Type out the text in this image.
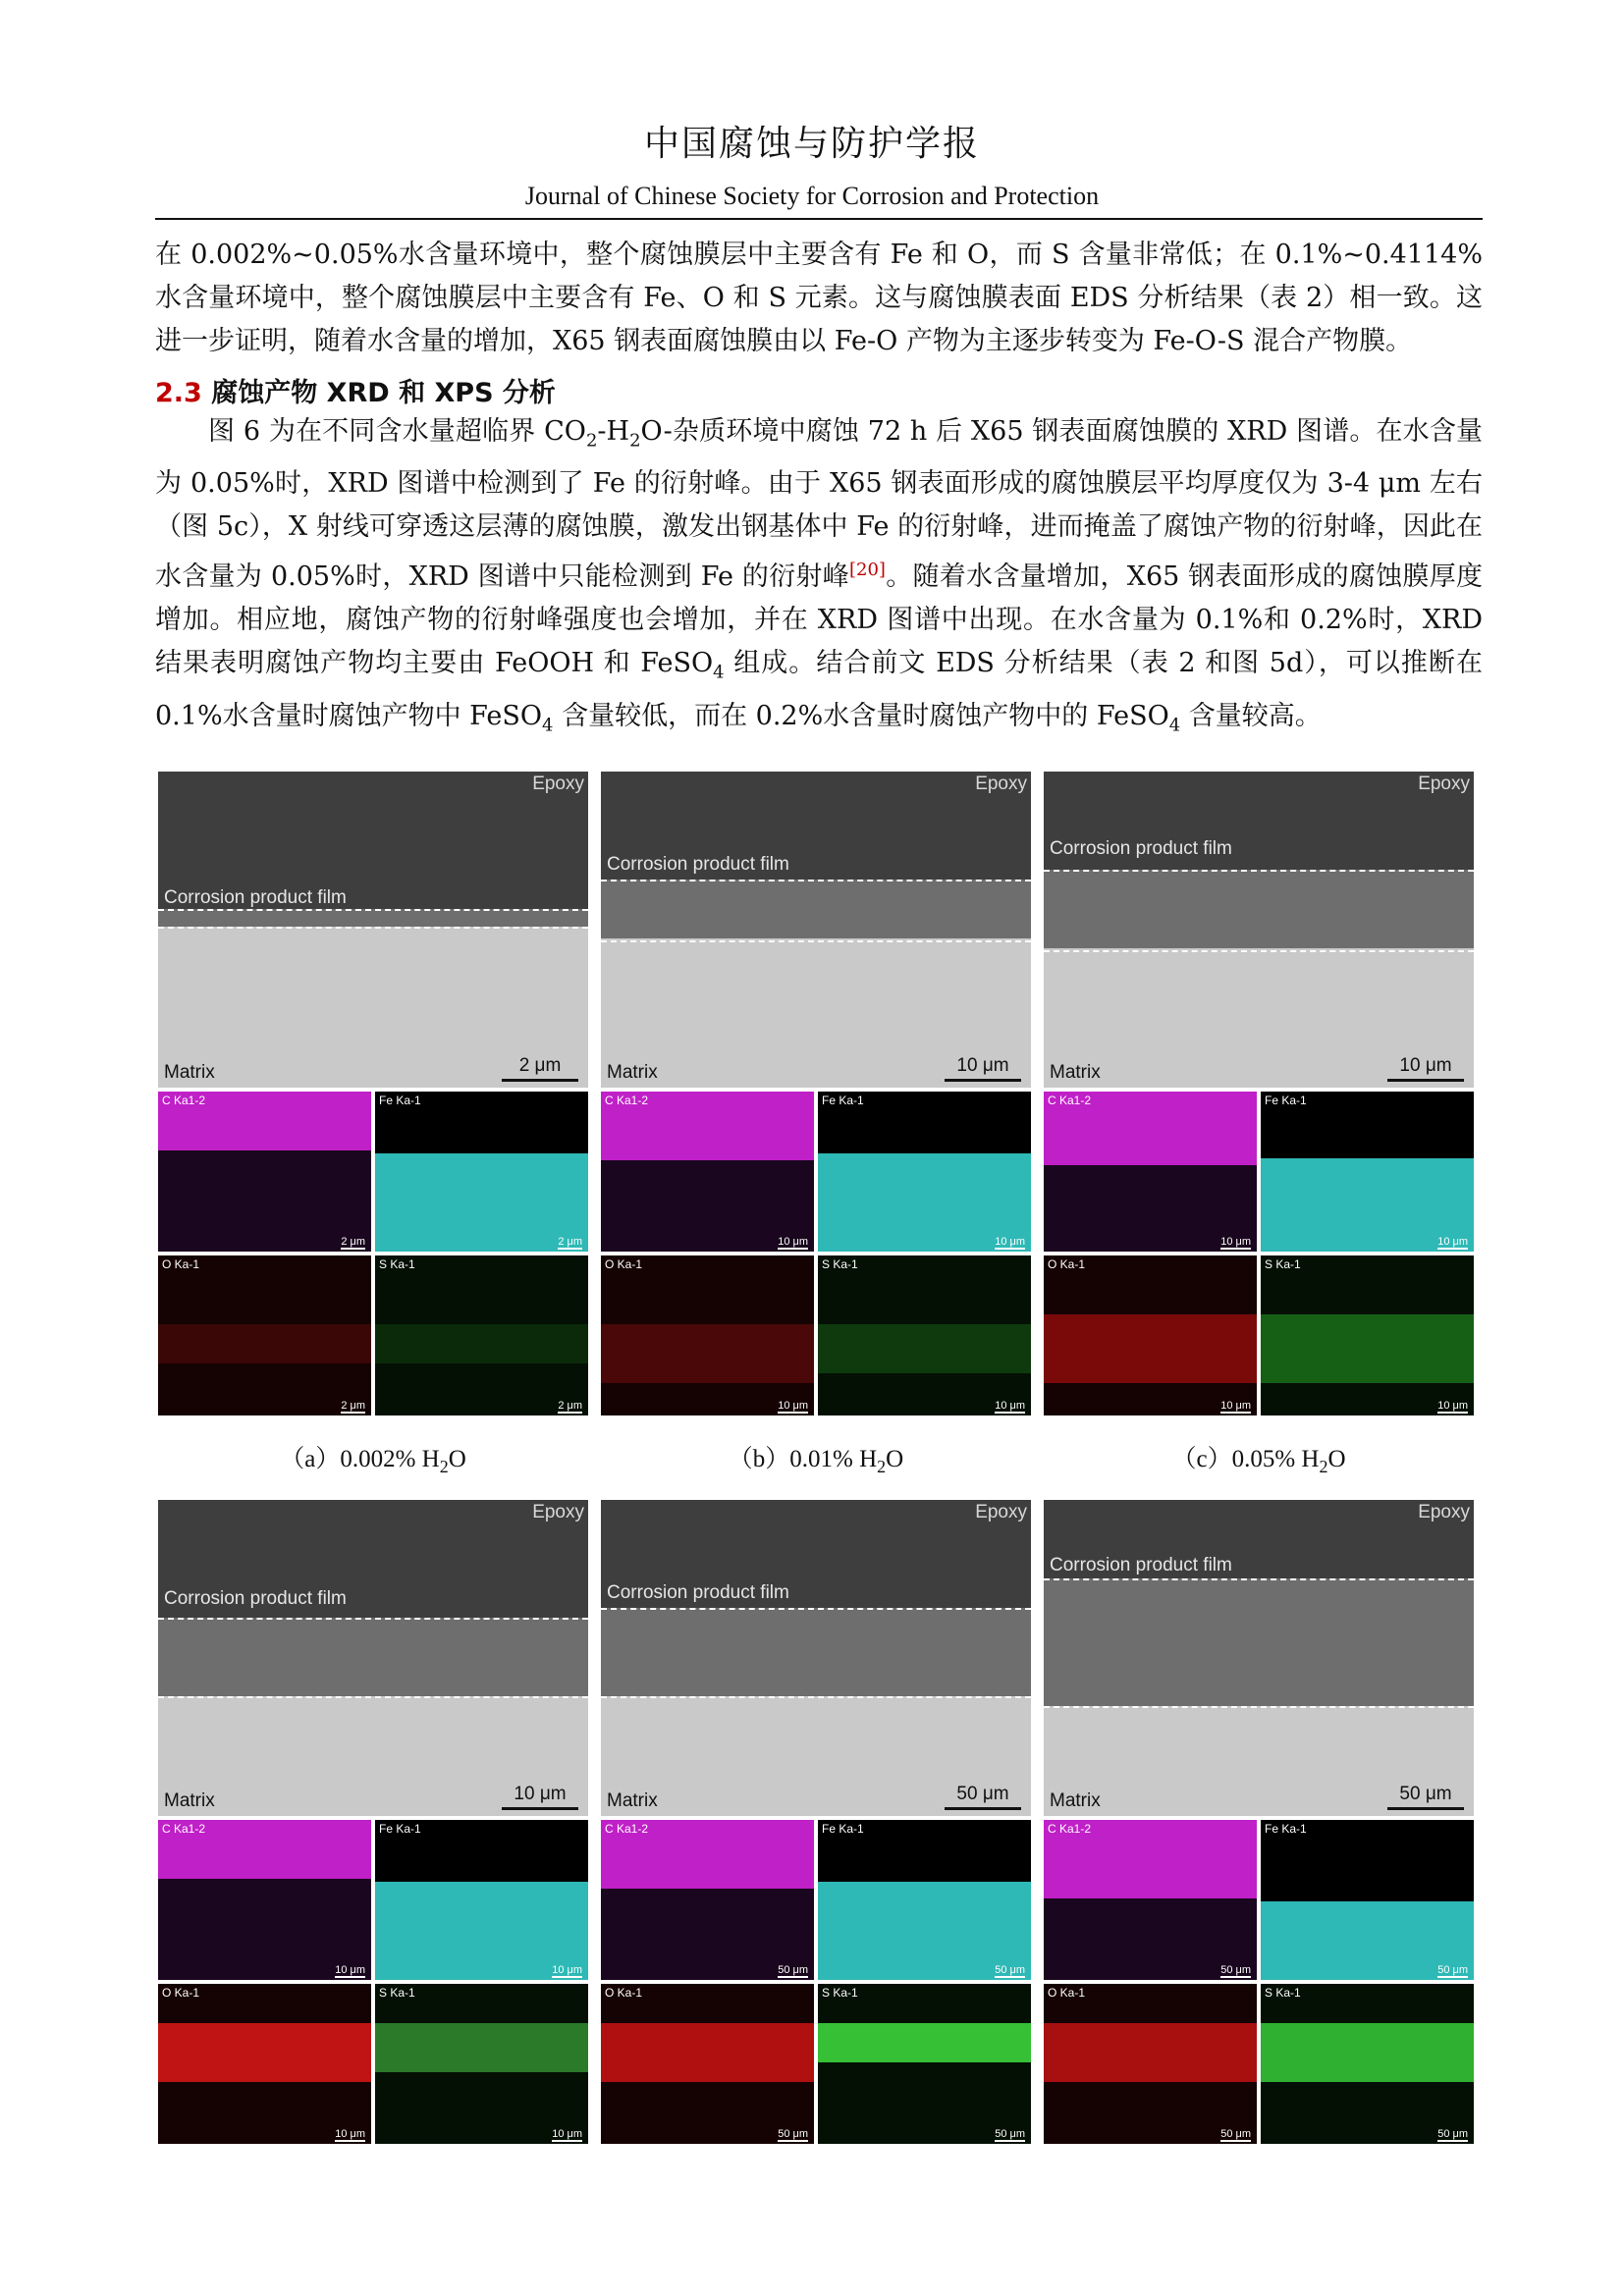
中国腐蚀与防护学报
Journal of Chinese Society for Corrosion and Protection

在 0.002%~0.05%水含量环境中，整个腐蚀膜层中主要含有 Fe 和 O，而 S 含量非常低；在 0.1%~0.4114%水含量环境中，整个腐蚀膜层中主要含有 Fe、O 和 S 元素。这与腐蚀膜表面 EDS 分析结果（表 2）相一致。这进一步证明，随着水含量的增加，X65 钢表面腐蚀膜由以 Fe-O 产物为主逐步转变为 Fe-O-S 混合产物膜。

2.3 腐蚀产物 XRD 和 XPS 分析

图 6 为在不同含水量超临界 $CO_2-H_2O-$杂质环境中腐蚀 72 h 后 X65 钢表面腐蚀膜的 XRD 图谱。在水含量为 0.05%时，XRD 图谱中检测到了 Fe 的衍射峰。由于 X65 钢表面形成的腐蚀膜层平均厚度仅为 3-4 μm 左右（图 5c），X 射线可穿透这层薄的腐蚀膜，激发出钢基体中 Fe 的衍射峰，进而掩盖了腐蚀产物的衍射峰，因此在水含量为 0.05%时，XRD 图谱中只能检测到 Fe 的衍射峰[20]。随着水含量增加，X65 钢表面形成的腐蚀膜厚度增加。相应地，腐蚀产物的衍射峰强度也会增加，并在 XRD 图谱中出现。在水含量为 0.1%和 0.2%时，XRD 结果表明腐蚀产物均主要由 FeOOH 和 FeSO$_4$ 组成。结合前文 EDS 分析结果（表 2 和图 5d），可以推断在 0.1%水含量时腐蚀产物中 FeSO$_4$ 含量较低，而在 0.2%水含量时腐蚀产物中的 FeSO$_4$ 含量较高。

Epoxy
Corrosion product film
Matrix	2 μm
C Ka1-2
2 μm
Fe Ka-1
2 μm
O Ka-1
2 μm
S Ka-1
2 μm
（a）0.002% $H_2O$
Epoxy
Corrosion product film
Matrix	10 μm
C Ka1-2
10 μm
Fe Ka-1
10 μm
O Ka-1
10 μm
S Ka-1
10 μm
（b）0.01% $H_2O$
Epoxy
Corrosion product film
Matrix	10 μm
C Ka1-2
10 μm
Fe Ka-1
10 μm
O Ka-1
10 μm
S Ka-1
10 μm
（c）0.05% $H_2O$
Epoxy
Corrosion product film
Matrix	10 μm
C Ka1-2
10 μm
Fe Ka-1
10 μm
O Ka-1
10 μm
S Ka-1
10 μm
Epoxy
Corrosion product film
Matrix	50 μm
C Ka1-2
50 μm
Fe Ka-1
50 μm
O Ka-1
50 μm
S Ka-1
50 μm
Epoxy
Corrosion product film
Matrix	50 μm
C Ka1-2
50 μm
Fe Ka-1
50 μm
O Ka-1
50 μm
S Ka-1
50 μm
